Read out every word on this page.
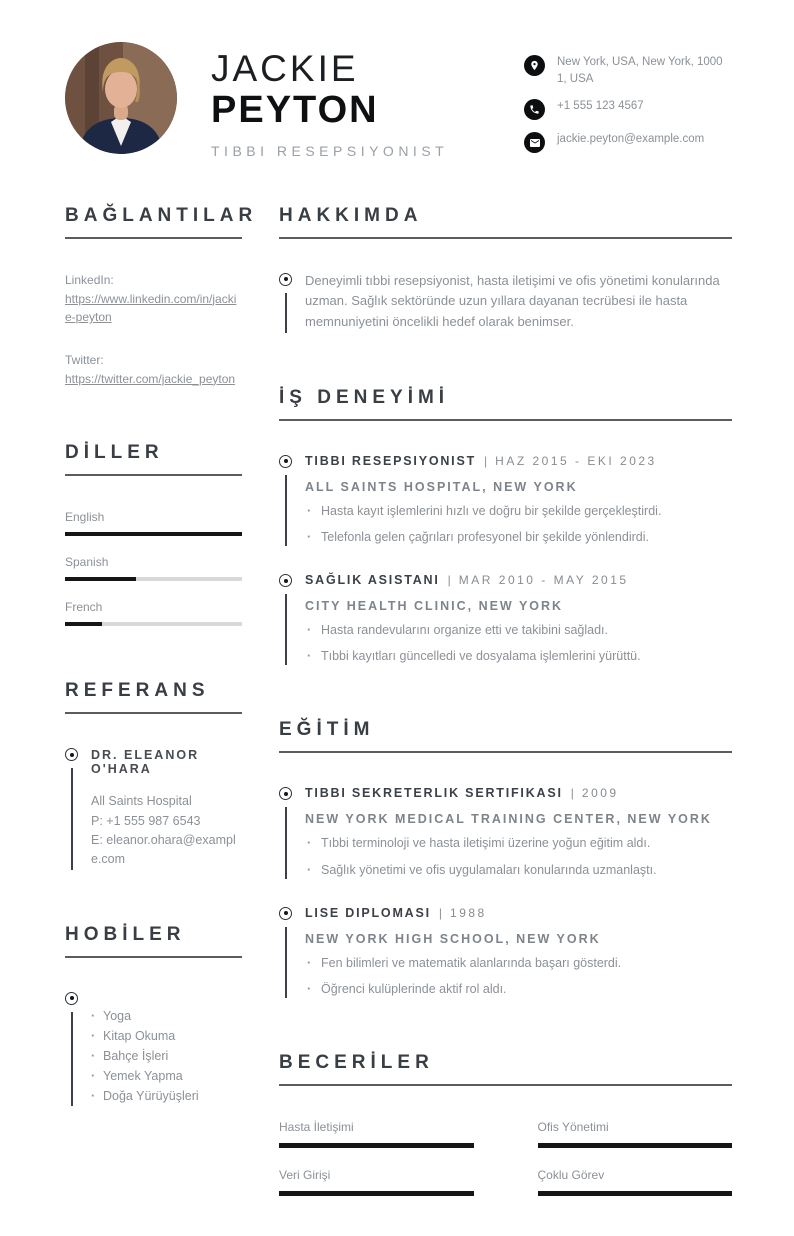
JACKIE
PEYTON
TIBBI RESEPSIYONIST
New York, USA, New York, 10001, USA
+1 555 123 4567
jackie.peyton@example.com
BAĞLANTILAR
LinkedIn:
https://www.linkedin.com/in/jackie-peyton
Twitter:
https://twitter.com/jackie_peyton
DİLLER
English
Spanish
French
REFERANS
DR. ELEANOR O'HARA
All Saints Hospital
P: +1 555 987 6543
E: eleanor.ohara@example.com
HOBİLER
· Yoga
· Kitap Okuma
· Bahçe İşleri
· Yemek Yapma
· Doğa Yürüyüşleri
HAKKIMDA

Deneyimli tıbbi resepsiyonist, hasta iletişimi ve ofis yönetimi konularında uzman. Sağlık sektöründe uzun yıllara dayanan tecrübesi ile hasta memnuniyetini öncelikli hedef olarak benimser.

İŞ DENEYİMİ
TIBBI RESEPSIYONIST | HAZ 2015 - EKI 2023
ALL SAINTS HOSPITAL, NEW YORK
· Hasta kayıt işlemlerini hızlı ve doğru bir şekilde gerçekleştirdi.
· Telefonla gelen çağrıları profesyonel bir şekilde yönlendirdi.
SAĞLIK ASISTANI | MAR 2010 - MAY 2015
CITY HEALTH CLINIC, NEW YORK
· Hasta randevularını organize etti ve takibini sağladı.
· Tıbbi kayıtları güncelledi ve dosyalama işlemlerini yürüttü.
EĞİTİM
TIBBI SEKRETERLIK SERTIFIKASI | 2009
NEW YORK MEDICAL TRAINING CENTER, NEW YORK
· Tıbbi terminoloji ve hasta iletişimi üzerine yoğun eğitim aldı.
· Sağlık yönetimi ve ofis uygulamaları konularında uzmanlaştı.
LISE DIPLOMASI | 1988
NEW YORK HIGH SCHOOL, NEW YORK
· Fen bilimleri ve matematik alanlarında başarı gösterdi.
· Öğrenci kulüplerinde aktif rol aldı.
BECERİLER
Hasta İletişimi	Ofis Yönetimi
Veri Girişi	Çoklu Görev
